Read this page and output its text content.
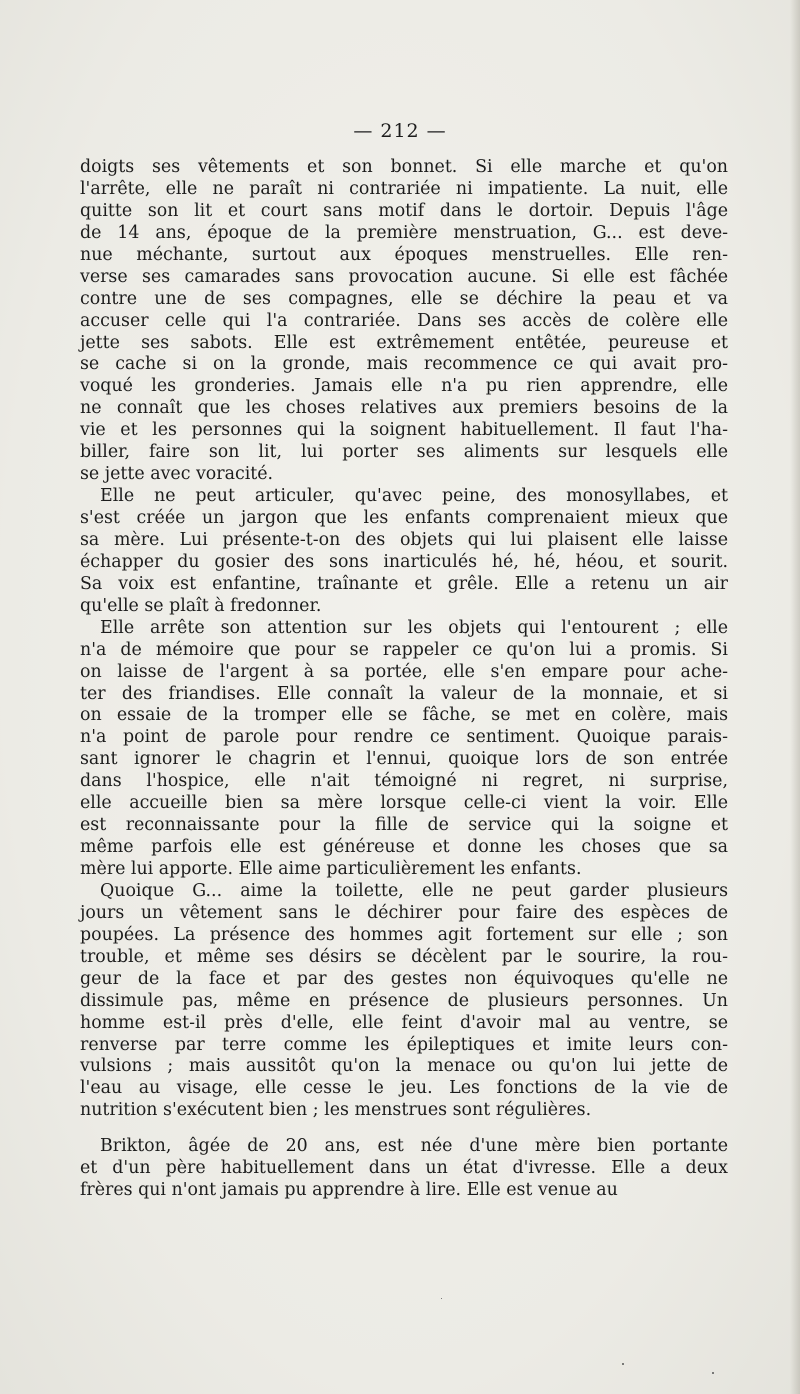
— 212 —
doigts ses vêtements et son bonnet. Si elle marche et qu'on
l'arrête, elle ne paraît ni contrariée ni impatiente. La nuit, elle
quitte son lit et court sans motif dans le dortoir. Depuis l'âge
de 14 ans, époque de la première menstruation, G... est deve-
nue méchante, surtout aux époques menstruelles. Elle ren-
verse ses camarades sans provocation aucune. Si elle est fâchée
contre une de ses compagnes, elle se déchire la peau et va
accuser celle qui l'a contrariée. Dans ses accès de colère elle
jette ses sabots. Elle est extrêmement entêtée, peureuse et
se cache si on la gronde, mais recommence ce qui avait pro-
voqué les gronderies. Jamais elle n'a pu rien apprendre, elle
ne connaît que les choses relatives aux premiers besoins de la
vie et les personnes qui la soignent habituellement. Il faut l'ha-
biller, faire son lit, lui porter ses aliments sur lesquels elle
se jette avec voracité.
Elle ne peut articuler, qu'avec peine, des monosyllabes, et
s'est créée un jargon que les enfants comprenaient mieux que
sa mère. Lui présente-t-on des objets qui lui plaisent elle laisse
échapper du gosier des sons inarticulés hé, hé, héou, et sourit.
Sa voix est enfantine, traînante et grêle. Elle a retenu un air
qu'elle se plaît à fredonner.
Elle arrête son attention sur les objets qui l'entourent ; elle
n'a de mémoire que pour se rappeler ce qu'on lui a promis. Si
on laisse de l'argent à sa portée, elle s'en empare pour ache-
ter des friandises. Elle connaît la valeur de la monnaie, et si
on essaie de la tromper elle se fâche, se met en colère, mais
n'a point de parole pour rendre ce sentiment. Quoique parais-
sant ignorer le chagrin et l'ennui, quoique lors de son entrée
dans l'hospice, elle n'ait témoigné ni regret, ni surprise,
elle accueille bien sa mère lorsque celle-ci vient la voir. Elle
est reconnaissante pour la fille de service qui la soigne et
même parfois elle est généreuse et donne les choses que sa
mère lui apporte. Elle aime particulièrement les enfants.
Quoique G... aime la toilette, elle ne peut garder plusieurs
jours un vêtement sans le déchirer pour faire des espèces de
poupées. La présence des hommes agit fortement sur elle ; son
trouble, et même ses désirs se décèlent par le sourire, la rou-
geur de la face et par des gestes non équivoques qu'elle ne
dissimule pas, même en présence de plusieurs personnes. Un
homme est-il près d'elle, elle feint d'avoir mal au ventre, se
renverse par terre comme les épileptiques et imite leurs con-
vulsions ; mais aussitôt qu'on la menace ou qu'on lui jette de
l'eau au visage, elle cesse le jeu. Les fonctions de la vie de
nutrition s'exécutent bien ; les menstrues sont régulières.
Brikton, âgée de 20 ans, est née d'une mère bien portante
et d'un père habituellement dans un état d'ivresse. Elle a deux
frères qui n'ont jamais pu apprendre à lire. Elle est venue au
